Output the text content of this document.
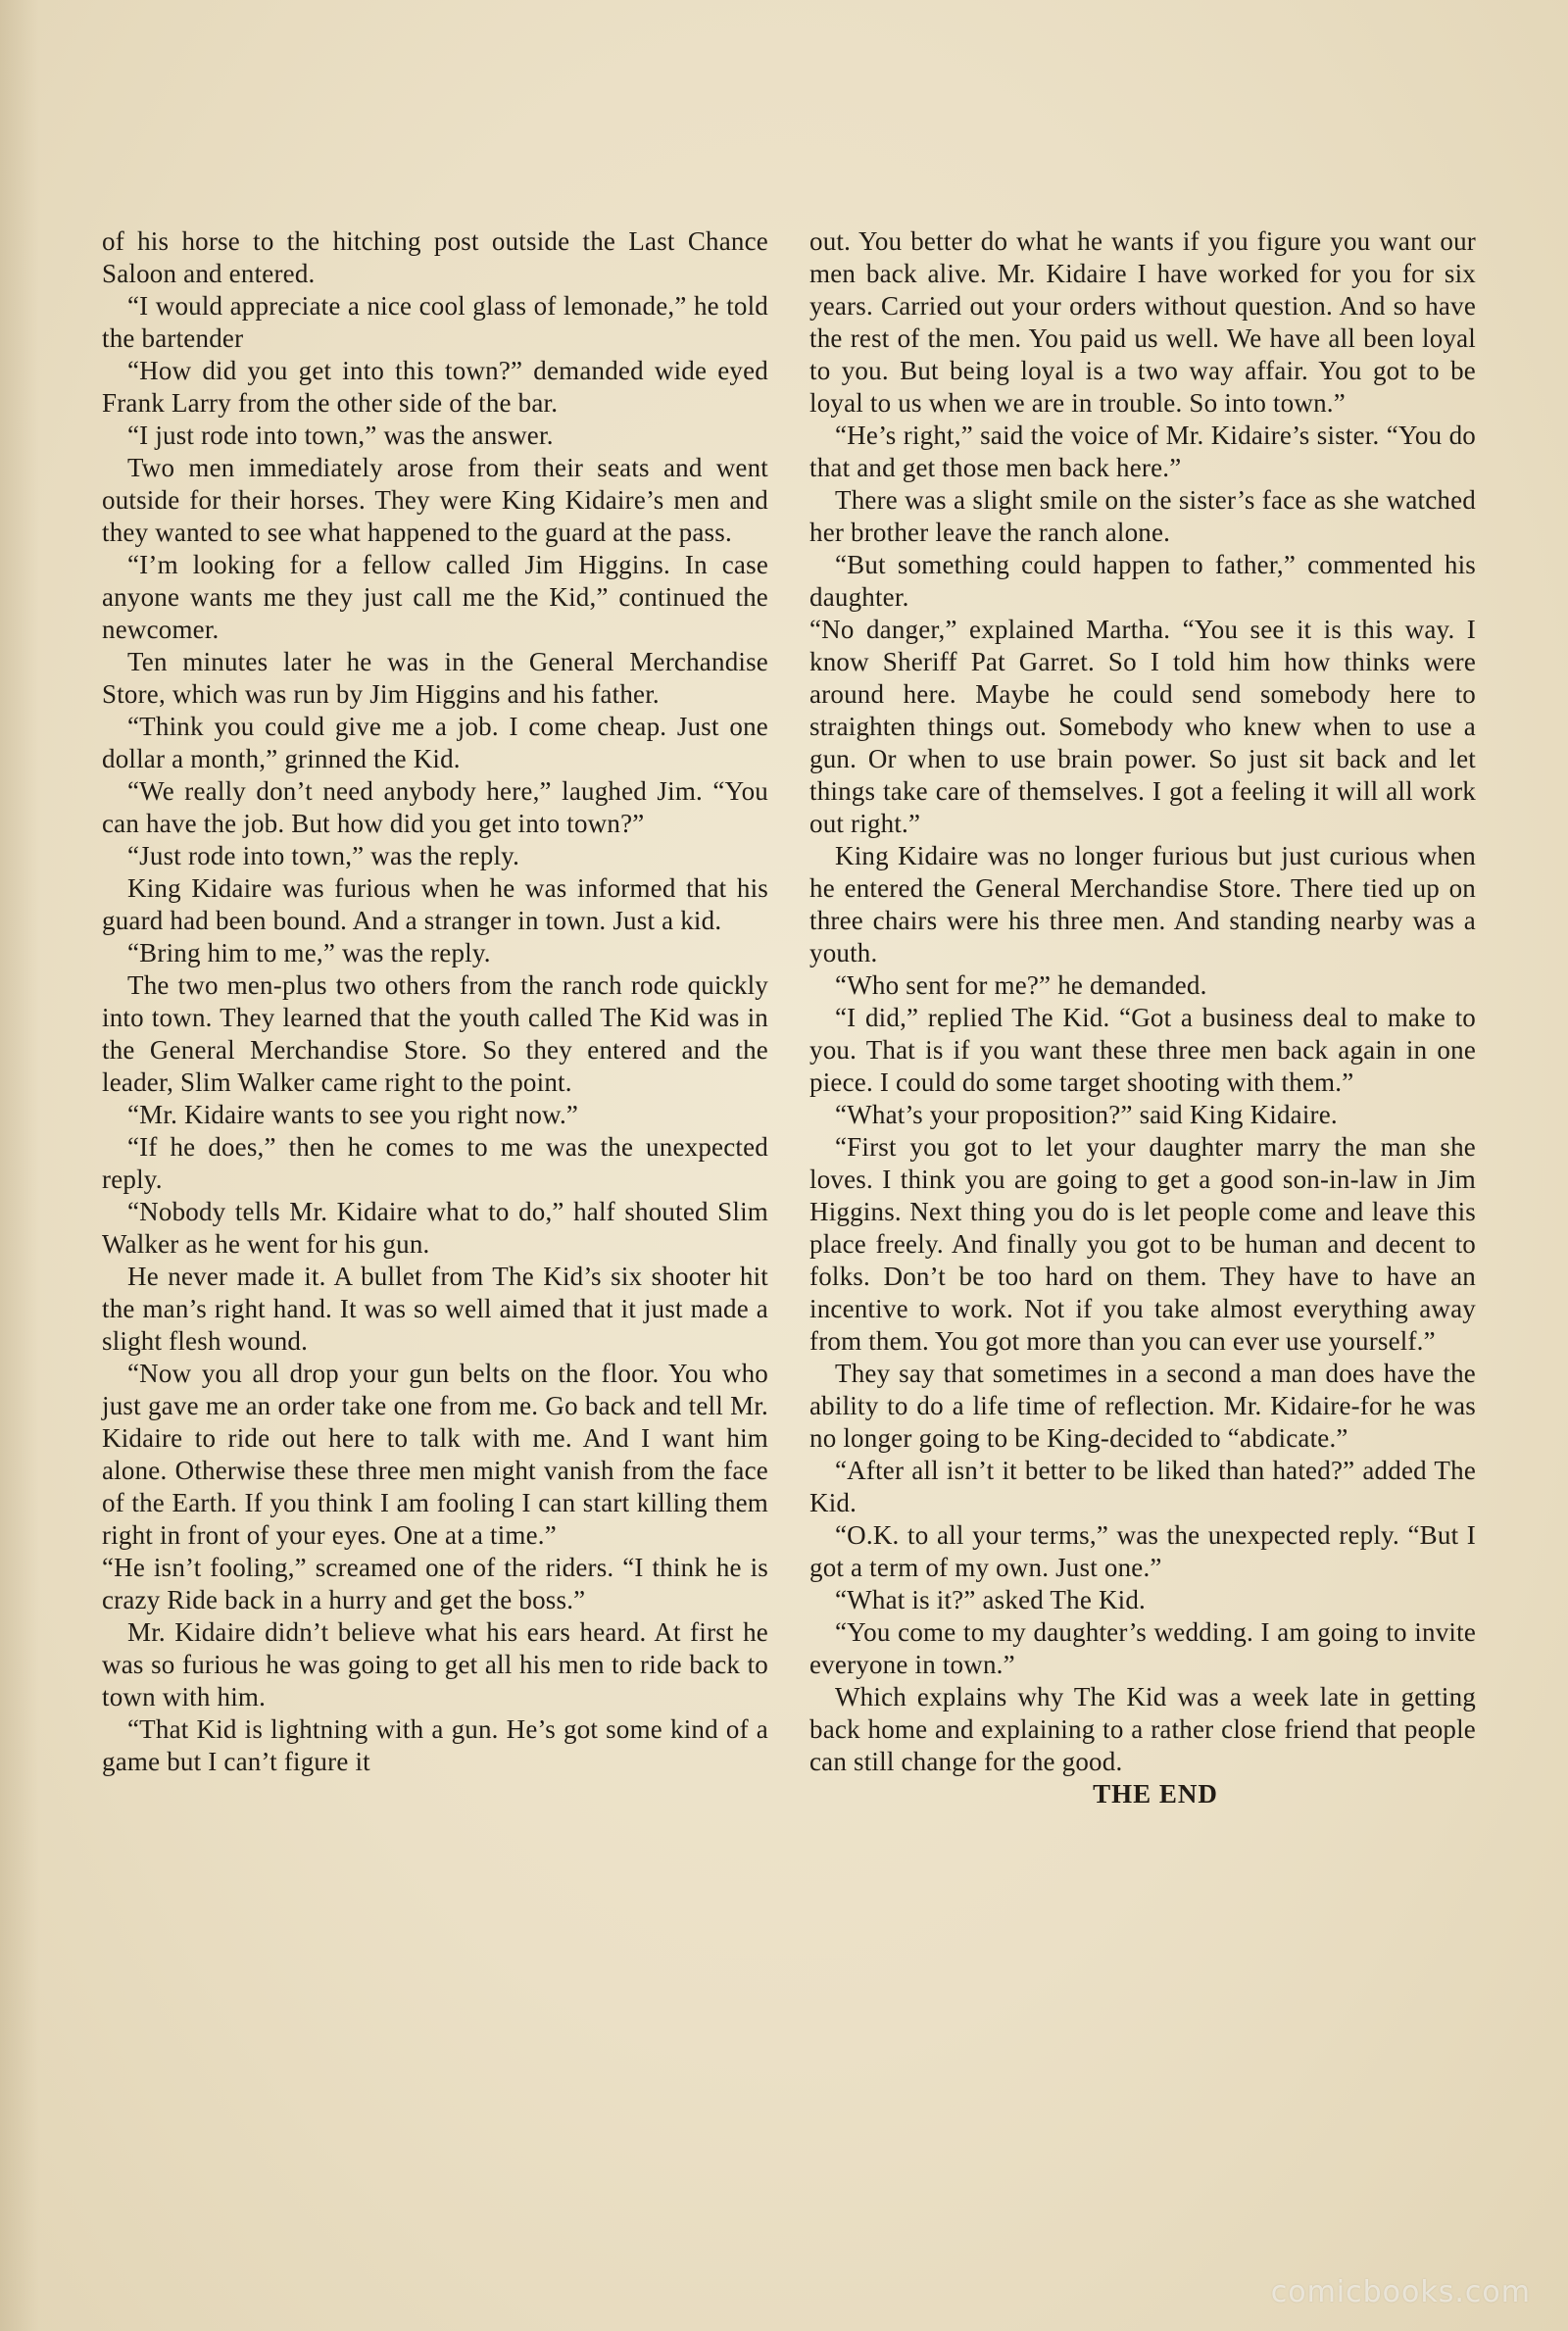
of his horse to the hitching post outside the Last Chance Saloon and entered.

“I would appreciate a nice cool glass of lemonade,” he told the bartender

“How did you get into this town?” demanded wide eyed Frank Larry from the other side of the bar.

“I just rode into town,” was the answer.

Two men immediately arose from their seats and went outside for their horses. They were King Kidaire’s men and they wanted to see what happened to the guard at the pass.

“I’m looking for a fellow called Jim Higgins. In case anyone wants me they just call me the Kid,” continued the newcomer.

Ten minutes later he was in the General Merchandise Store, which was run by Jim Higgins and his father.

“Think you could give me a job. I come cheap. Just one dollar a month,” grinned the Kid.

“We really don’t need anybody here,” laughed Jim. “You can have the job. But how did you get into town?”

“Just rode into town,” was the reply.

King Kidaire was furious when he was informed that his guard had been bound. And a stranger in town. Just a kid.

“Bring him to me,” was the reply.

The two men-plus two others from the ranch rode quickly into town. They learned that the youth called The Kid was in the General Merchandise Store. So they entered and the leader, Slim Walker came right to the point.

“Mr. Kidaire wants to see you right now.”

“If he does,” then he comes to me was the unexpected reply.

“Nobody tells Mr. Kidaire what to do,” half shouted Slim Walker as he went for his gun.

He never made it. A bullet from The Kid’s six shooter hit the man’s right hand. It was so well aimed that it just made a slight flesh wound.

“Now you all drop your gun belts on the floor. You who just gave me an order take one from me. Go back and tell Mr. Kidaire to ride out here to talk with me. And I want him alone. Otherwise these three men might vanish from the face of the Earth. If you think I am fooling I can start killing them right in front of your eyes. One at a time.”

“He isn’t fooling,” screamed one of the riders. “I think he is crazy Ride back in a hurry and get the boss.”

Mr. Kidaire didn’t believe what his ears heard. At first he was so furious he was going to get all his men to ride back to town with him.

“That Kid is lightning with a gun. He’s got some kind of a game but I can’t figure it

out. You better do what he wants if you figure you want our men back alive. Mr. Kidaire I have worked for you for six years. Carried out your orders without question. And so have the rest of the men. You paid us well. We have all been loyal to you. But being loyal is a two way affair. You got to be loyal to us when we are in trouble. So into town.”

“He’s right,” said the voice of Mr. Kidaire’s sister. “You do that and get those men back here.”

There was a slight smile on the sister’s face as she watched her brother leave the ranch alone.

“But something could happen to father,” commented his daughter.

“No danger,” explained Martha. “You see it is this way. I know Sheriff Pat Garret. So I told him how thinks were around here. Maybe he could send somebody here to straighten things out. Somebody who knew when to use a gun. Or when to use brain power. So just sit back and let things take care of themselves. I got a feeling it will all work out right.”

King Kidaire was no longer furious but just curious when he entered the General Merchandise Store. There tied up on three chairs were his three men. And standing nearby was a youth.

“Who sent for me?” he demanded.

“I did,” replied The Kid. “Got a business deal to make to you. That is if you want these three men back again in one piece. I could do some target shooting with them.”

“What’s your proposition?” said King Kidaire.

“First you got to let your daughter marry the man she loves. I think you are going to get a good son-in-law in Jim Higgins. Next thing you do is let people come and leave this place freely. And finally you got to be human and decent to folks. Don’t be too hard on them. They have to have an incentive to work. Not if you take almost everything away from them. You got more than you can ever use yourself.”

They say that sometimes in a second a man does have the ability to do a life time of reflection. Mr. Kidaire-for he was no longer going to be King-decided to “abdicate.”

“After all isn’t it better to be liked than hated?” added The Kid.

“O.K. to all your terms,” was the unexpected reply. “But I got a term of my own. Just one.”

“What is it?” asked The Kid.

“You come to my daughter’s wedding. I am going to invite everyone in town.”

Which explains why The Kid was a week late in getting back home and explaining to a rather close friend that people can still change for the good.

THE END

comicbooks.com
